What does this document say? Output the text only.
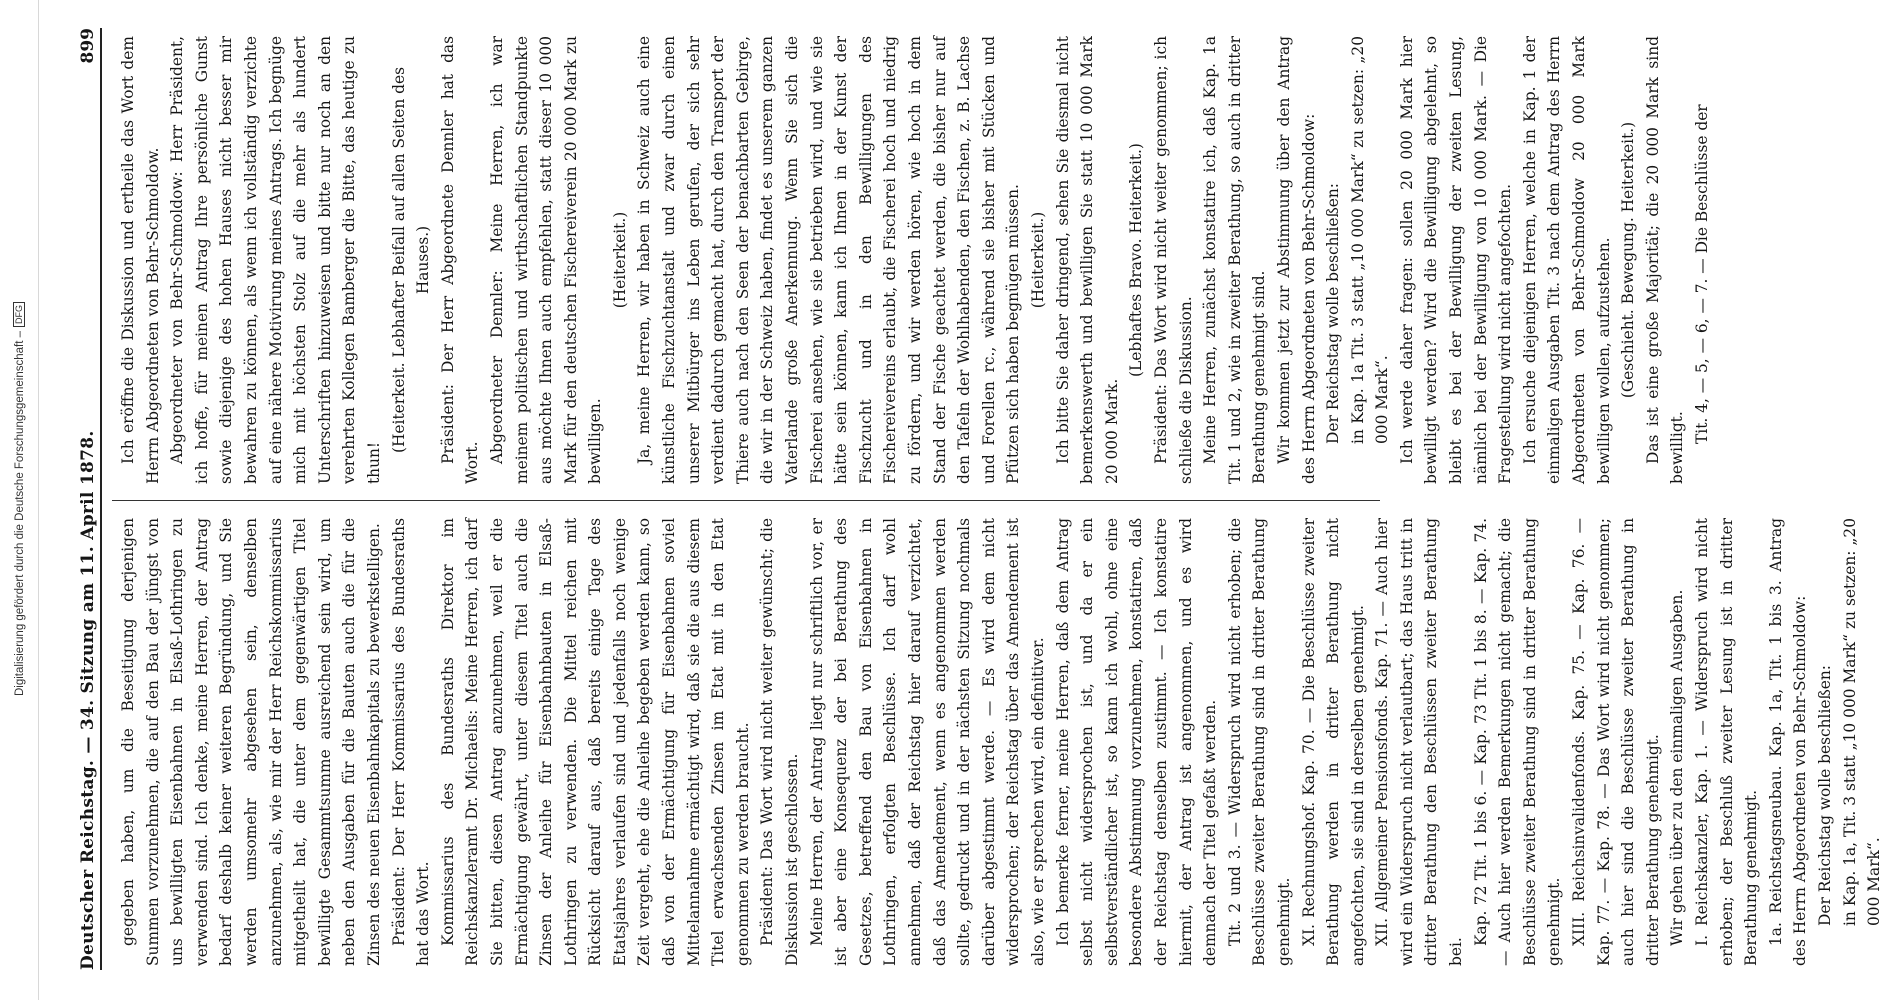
Digitalisierung gefördert durch die Deutsche Forschungsgemeinschaft –DFG
Deutscher Reichstag. — 34. Sitzung am 11. April 1878.
899

gegeben haben, um die Beseitigung derjenigen Summen vorzunehmen, die auf den Bau der jüngst von uns bewilligten Eisenbahnen in Elsaß-Lothringen zu verwenden sind. Ich denke, meine Herren, der Antrag bedarf deshalb keiner weiteren Begründung, und Sie werden umsomehr abgesehen sein, denselben anzunehmen, als, wie mir der Herr Reichskommissarius mitgetheilt hat, die unter dem gegenwärtigen Titel bewilligte Gesammtsumme ausreichend sein wird, um neben den Ausgaben für die Bauten auch die für die Zinsen des neuen Eisenbahnkapitals zu bewerkstelligen. Präsident: Der Herr Kommissarius des Bundesraths hat das Wort. Kommissarius des Bundesraths Direktor im Reichskanzleramt Dr. Michaelis: Meine Herren, ich darf Sie bitten, diesen Antrag anzunehmen, weil er die Ermächtigung gewährt, unter diesem Titel auch die Zinsen der Anleihe für Eisenbahnbauten in Elsaß-Lothringen zu verwenden. Die Mittel reichen mit Rücksicht darauf aus, daß bereits einige Tage des Etatsjahres verlaufen sind und jedenfalls noch wenige Zeit vergeht, ehe die Anleihe begeben werden kann, so daß von der Ermächtigung für Eisenbahnen soviel Mittelannahme ermächtigt wird, daß sie die aus diesem Titel erwachsenden Zinsen im Etat mit in den Etat genommen zu werden braucht. Präsident: Das Wort wird nicht weiter gewünscht; die Diskussion ist geschlossen. Meine Herren, der Antrag liegt nur schriftlich vor, er ist aber eine Konsequenz der bei Berathung des Gesetzes, betreffend den Bau von Eisenbahnen in Lothringen, erfolgten Beschlüsse. Ich darf wohl annehmen, daß der Reichstag hier darauf verzichtet, daß das Amendement, wenn es angenommen werden sollte, gedruckt und in der nächsten Sitzung nochmals darüber abgestimmt werde. — Es wird dem nicht widersprochen; der Reichstag über das Amendement ist also, wie er sprechen wird, ein definitiver. Ich bemerke ferner, meine Herren, daß dem Antrag selbst nicht widersprochen ist, und da er ein selbstverständlicher ist, so kann ich wohl, ohne eine besondere Abstimmung vorzunehmen, konstatiren, daß der Reichstag denselben zustimmt. — Ich konstatire hiermit, der Antrag ist angenommen, und es wird demnach der Titel gefaßt werden. Tit. 2 und 3. — Widerspruch wird nicht erhoben; die Beschlüsse zweiter Berathung sind in dritter Berathung genehmigt. XI. Rechnungshof. Kap. 70. — Die Beschlüsse zweiter Berathung werden in dritter Berathung nicht angefochten, sie sind in derselben genehmigt. XII. Allgemeiner Pensionsfonds. Kap. 71. — Auch hier wird ein Widerspruch nicht verlautbart; das Haus tritt in dritter Berathung den Beschlüssen zweiter Berathung bei.

Kap. 72 Tit. 1 bis 6. — Kap. 73 Tit. 1 bis 8. — Kap. 74. — Auch hier werden Bemerkungen nicht gemacht; die Beschlüsse zweiter Berathung sind in dritter Berathung genehmigt. XIII. Reichsinvalidenfonds. Kap. 75. — Kap. 76. — Kap. 77. — Kap. 78. — Das Wort wird nicht genommen; auch hier sind die Beschlüsse zweiter Berathung in dritter Berathung genehmigt. Wir gehen über zu den einmaligen Ausgaben. I. Reichskanzler, Kap. 1. — Widerspruch wird nicht erhoben; der Beschluß zweiter Lesung ist in dritter Berathung genehmigt. 1a. Reichstagsneubau. Kap. 1a, Tit. 1 bis 3. Antrag des Herrn Abgeordneten von Behr-Schmoldow: Der Reichstag wolle beschließen: in Kap. 1a, Tit. 3 statt „10 000 Mark“ zu setzen: „20 000 Mark“.

Ich eröffne die Diskussion und ertheile das Wort dem Herrn Abgeordneten von Behr-Schmoldow. Abgeordneter von Behr-Schmoldow: Herr Präsident, ich hoffe, für meinen Antrag Ihre persönliche Gunst sowie diejenige des hohen Hauses nicht besser mir bewahren zu können, als wenn ich vollständig verzichte auf eine nähere Motivirung meines Antrags. Ich begnüge mich mit höchsten Stolz auf die mehr als hundert Unterschriften hinzuweisen und bitte nur noch an den verehrten Kollegen Bamberger die Bitte, das heutige zu thun!

(Heiterkeit. Lebhafter Beifall auf allen Seiten des Hauses.) Präsident: Der Herr Abgeordnete Dennler hat das Wort. Abgeordneter Dennler: Meine Herren, ich war meinem politischen und wirthschaftlichen Standpunkte aus möchte Ihnen auch empfehlen, statt dieser 10 000 Mark für den deutschen Fischereiverein 20 000 Mark zu bewilligen.

(Heiterkeit.) Ja, meine Herren, wir haben in Schweiz auch eine künstliche Fischzuchtanstalt und zwar durch einen unserer Mitbürger ins Leben gerufen, der sich sehr verdient dadurch gemacht hat, durch den Transport der Thiere auch nach den Seen der benachbarten Gebirge, die wir in der Schweiz haben, findet es unserem ganzen Vaterlande große Anerkennung. Wenn Sie sich die Fischerei ansehen, wie sie betrieben wird, und wie sie hätte sein können, kann ich Ihnen in der Kunst der Fischzucht und in den Bewilligungen des Fischereivereins erlaubt, die Fischerei hoch und niedrig zu fördern, und wir werden hören, wie hoch in dem Stand der Fische geachtet werden, die bisher nur auf den Tafeln der Wohlhabenden, den Fischen, z. B. Lachse und Forellen rc., während sie bisher mit Stücken und Pfützen sich haben begnügen müssen. (Heiterkeit.) Ich bitte Sie daher dringend, sehen Sie diesmal nicht bemerkenswerth und bewilligen Sie statt 10 000 Mark 20 000 Mark.

(Lebhaftes Bravo. Heiterkeit.) Präsident: Das Wort wird nicht weiter genommen; ich schließe die Diskussion. Meine Herren, zunächst konstatire ich, daß Kap. 1a Tit. 1 und 2, wie in zweiter Berathung, so auch in dritter Berathung genehmigt sind. Wir kommen jetzt zur Abstimmung über den Antrag des Herrn Abgeordneten von Behr-Schmoldow: Der Reichstag wolle beschließen: in Kap. 1a Tit. 3 statt „10 000 Mark“ zu setzen: „20 000 Mark“. Ich werde daher fragen: sollen 20 000 Mark hier bewilligt werden? Wird die Bewilligung abgelehnt, so bleibt es bei der Bewilligung der zweiten Lesung, nämlich bei der Bewilligung von 10 000 Mark. — Die Fragestellung wird nicht angefochten. Ich ersuche diejenigen Herren, welche in Kap. 1 der einmaligen Ausgaben Tit. 3 nach dem Antrag des Herrn Abgeordneten von Behr-Schmoldow 20 000 Mark bewilligen wollen, aufzustehen. (Geschieht. Bewegung. Heiterkeit.) Das ist eine große Majorität; die 20 000 Mark sind bewilligt.

Tit. 4, — 5, — 6, — 7. — Die Beschlüsse der
